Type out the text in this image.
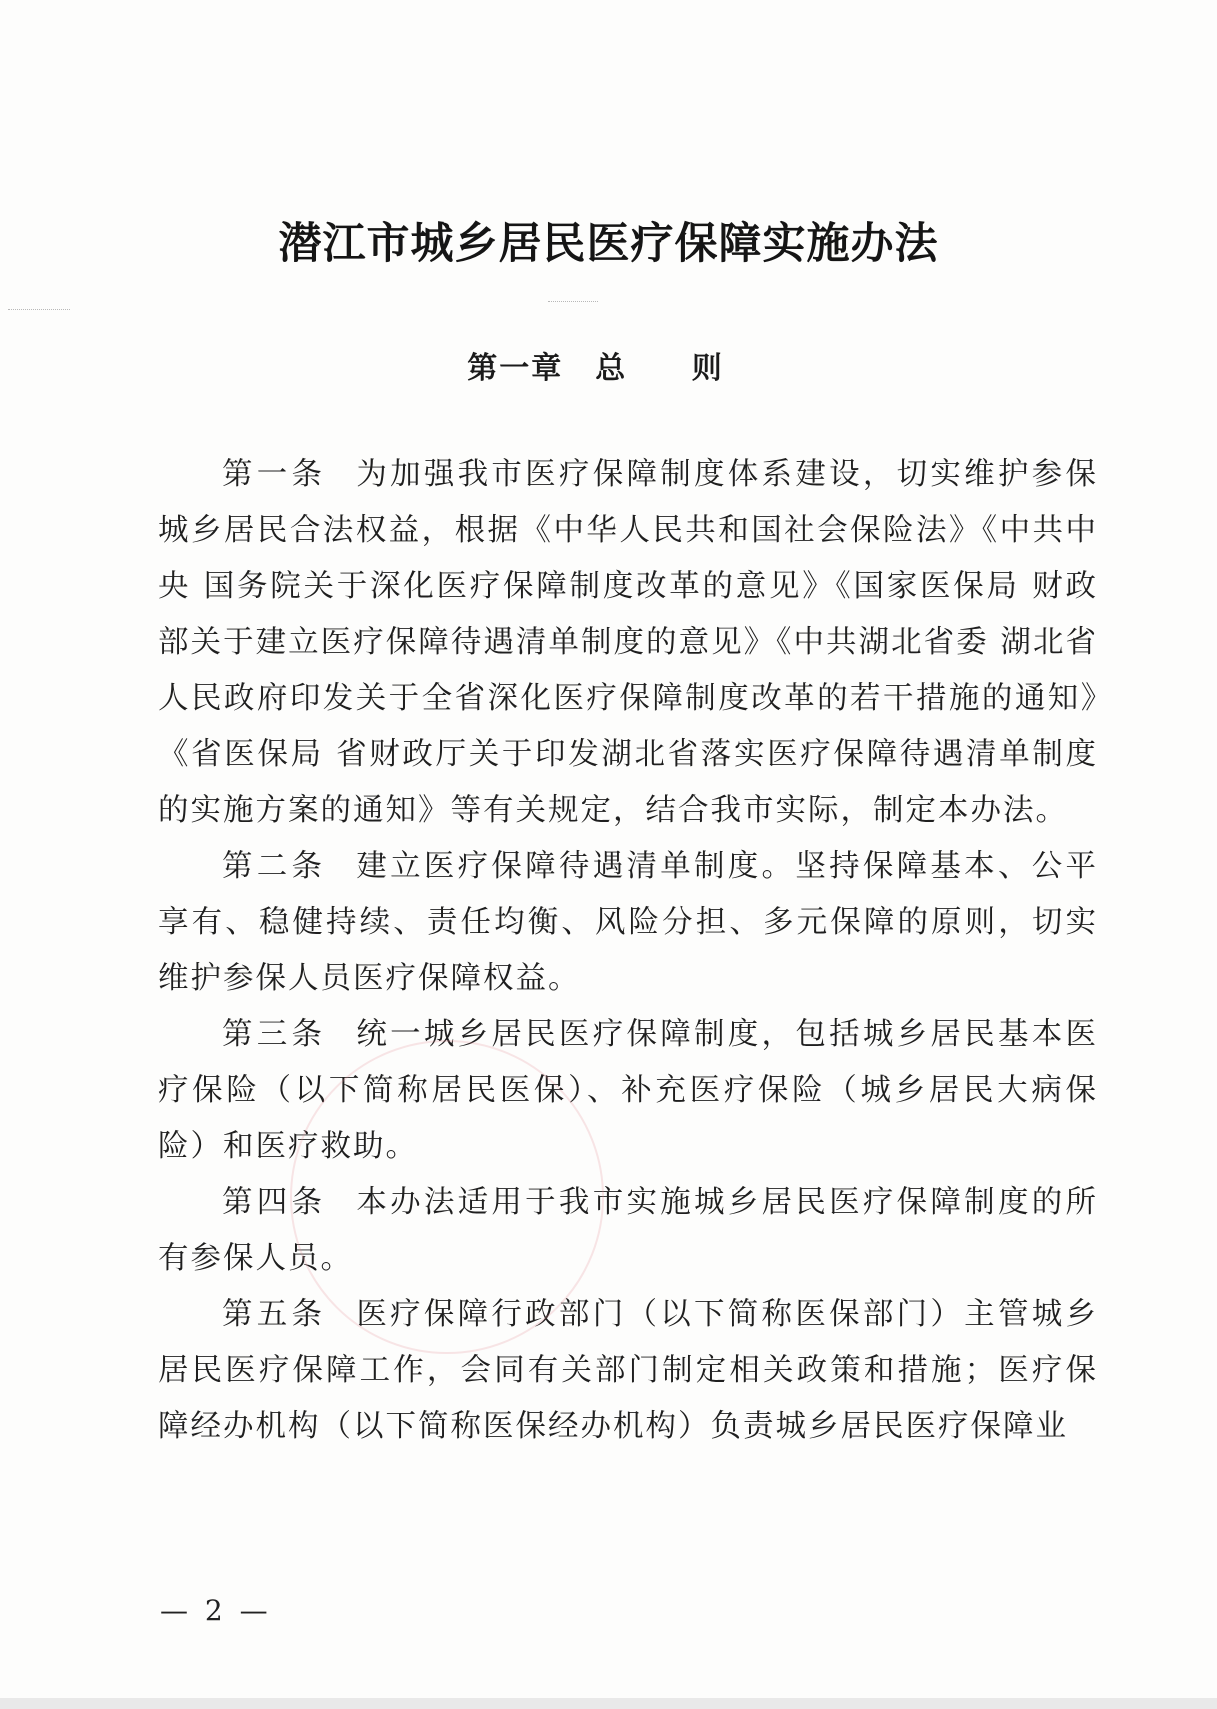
潜江市城乡居民医疗保障实施办法
第一章 总 则

第一条 为加强我市医疗保障制度体系建设，切实维护参保城乡居民合法权益，根据《中华人民共和国社会保险法》《中共中央 国务院关于深化医疗保障制度改革的意见》《国家医保局 财政部关于建立医疗保障待遇清单制度的意见》《中共湖北省委 湖北省人民政府印发关于全省深化医疗保障制度改革的若干措施的通知》《省医保局 省财政厅关于印发湖北省落实医疗保障待遇清单制度的实施方案的通知》等有关规定，结合我市实际，制定本办法。

第二条 建立医疗保障待遇清单制度。坚持保障基本、公平享有、稳健持续、责任均衡、风险分担、多元保障的原则，切实维护参保人员医疗保障权益。

第三条 统一城乡居民医疗保障制度，包括城乡居民基本医疗保险（以下简称居民医保）、补充医疗保险（城乡居民大病保险）和医疗救助。

第四条 本办法适用于我市实施城乡居民医疗保障制度的所有参保人员。

第五条 医疗保障行政部门（以下简称医保部门）主管城乡居民医疗保障工作，会同有关部门制定相关政策和措施；医疗保障经办机构（以下简称医保经办机构）负责城乡居民医疗保障业

— 2 —
